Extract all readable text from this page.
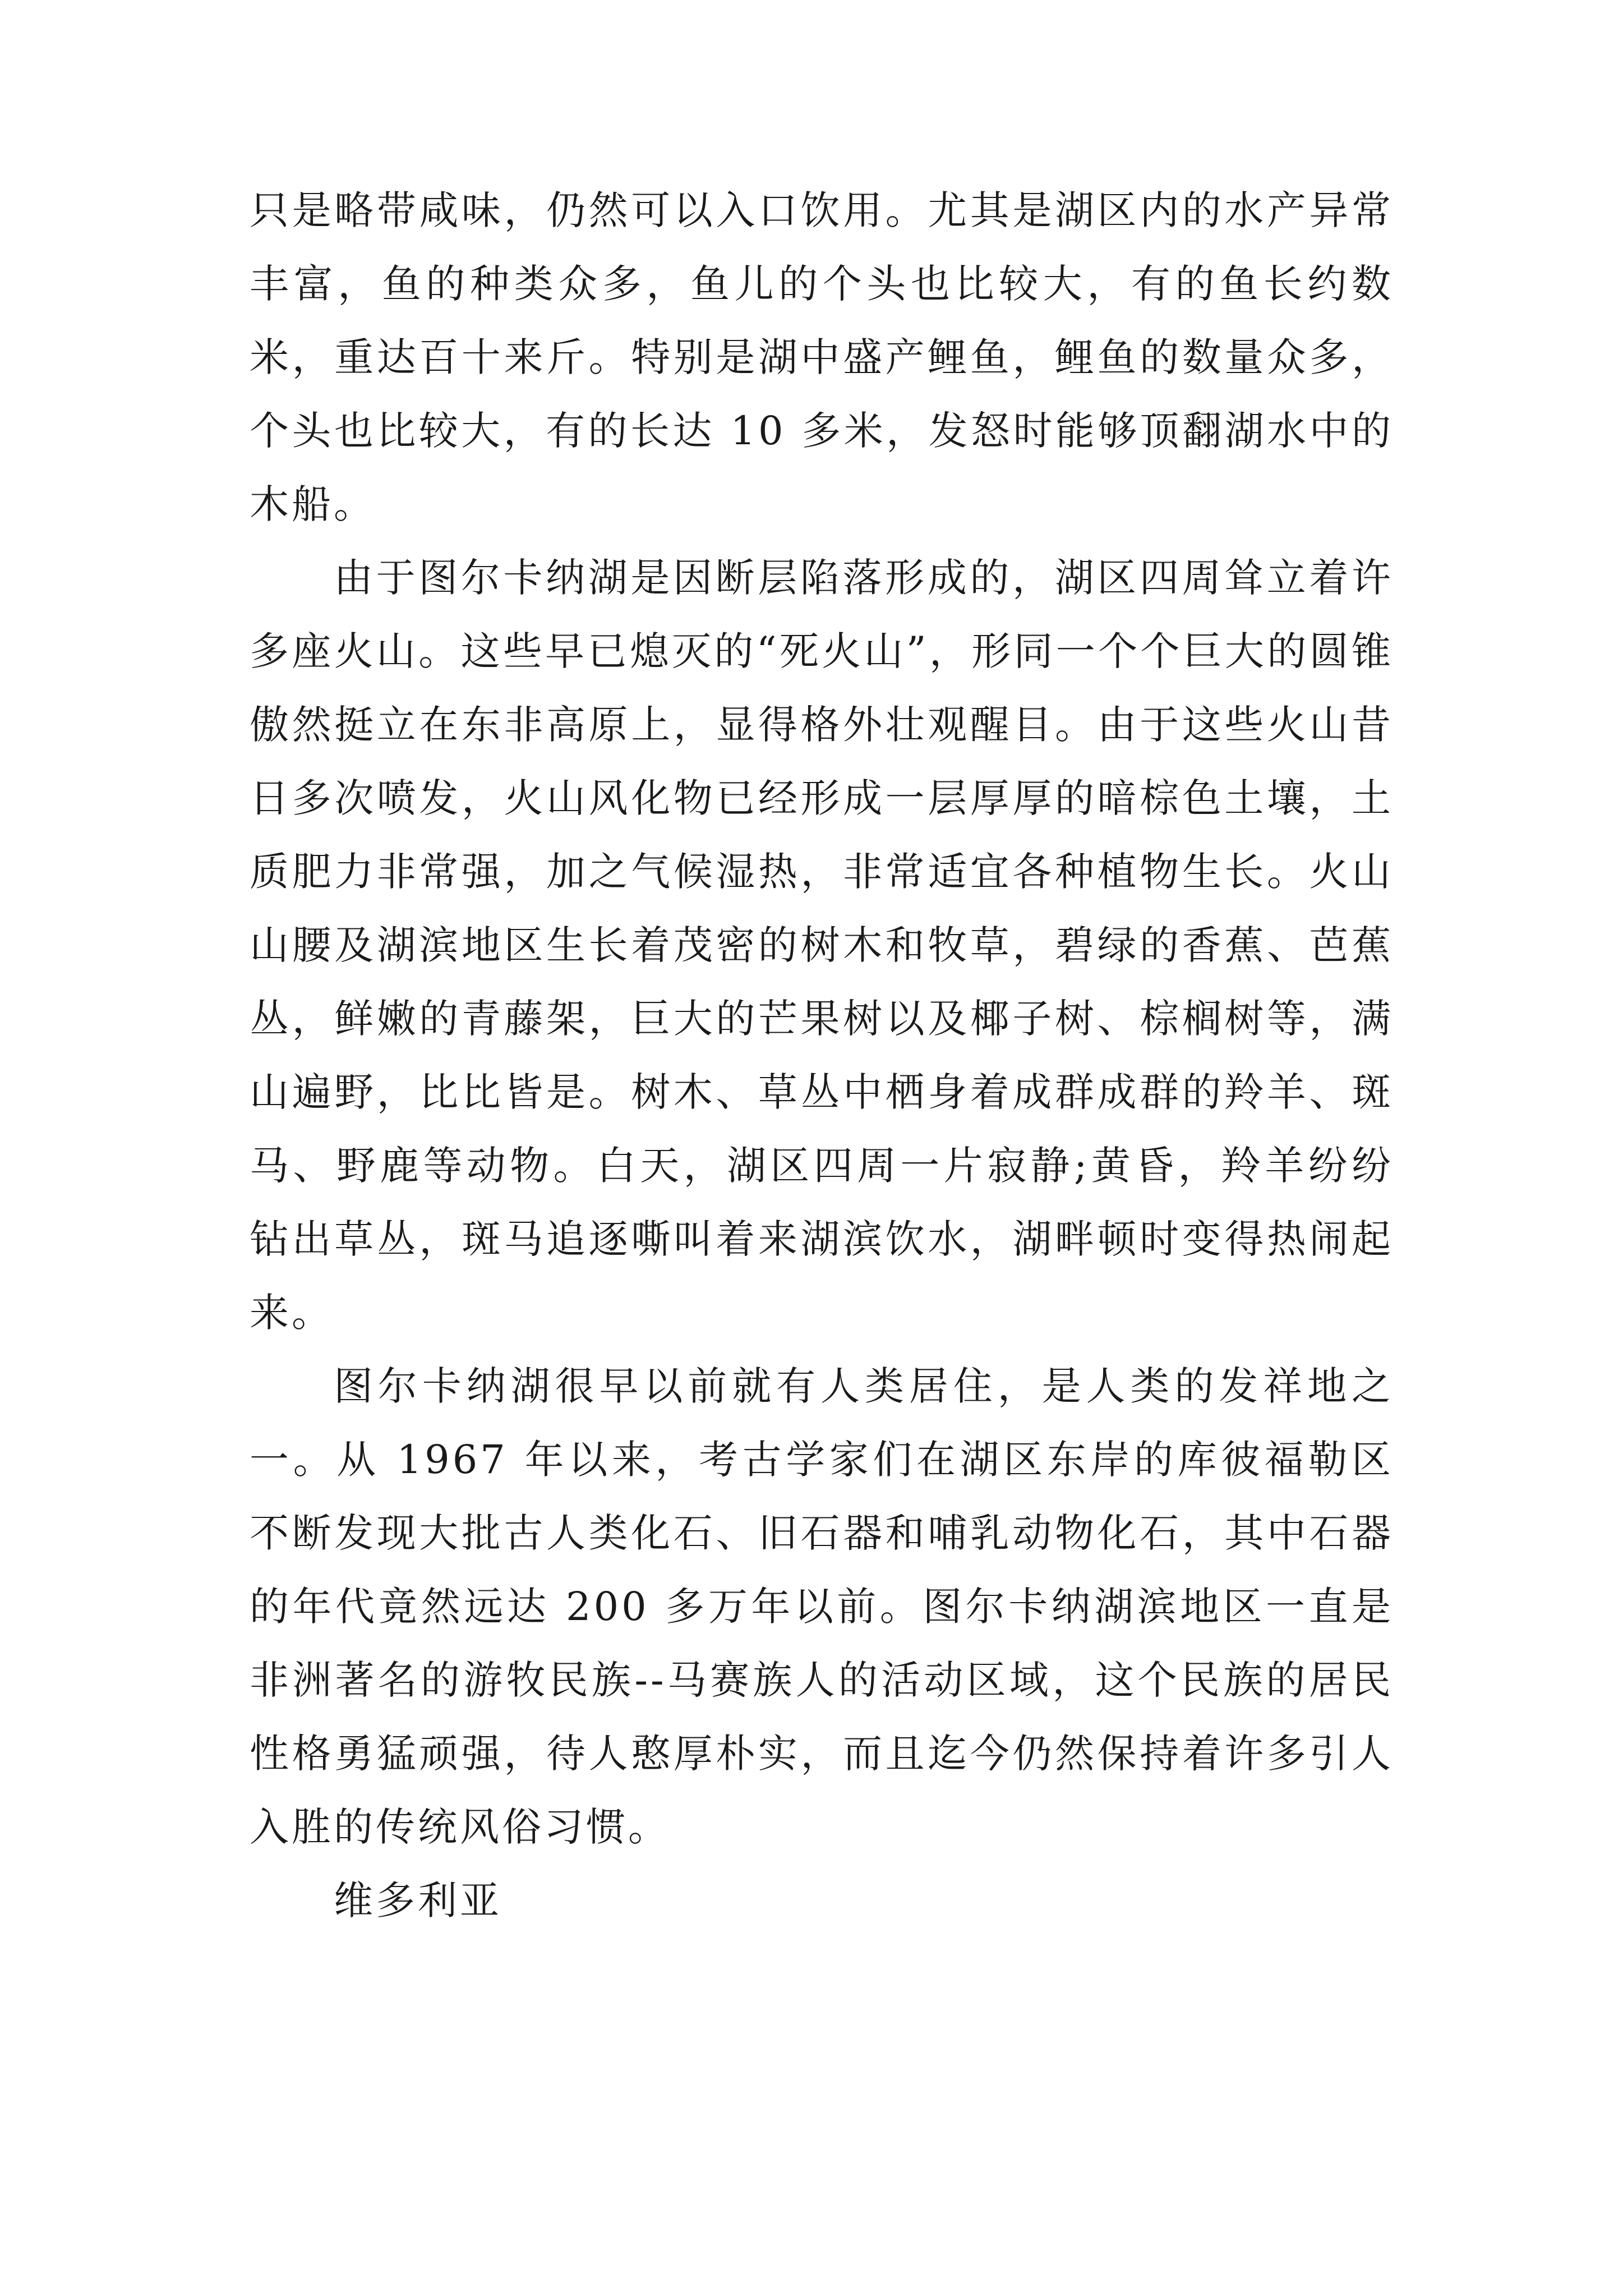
只是略带咸味，仍然可以入口饮用。尤其是湖区内的水产异常丰富，鱼的种类众多，鱼儿的个头也比较大，有的鱼长约数米，重达百十来斤。特别是湖中盛产鲤鱼，鲤鱼的数量众多，个头也比较大，有的长达 10 多米，发怒时能够顶翻湖水中的木船。

由于图尔卡纳湖是因断层陷落形成的，湖区四周耸立着许多座火山。这些早已熄灭的“死火山”，形同一个个巨大的圆锥傲然挺立在东非高原上，显得格外壮观醒目。由于这些火山昔日多次喷发，火山风化物已经形成一层厚厚的暗棕色土壤，土质肥力非常强，加之气候湿热，非常适宜各种植物生长。火山山腰及湖滨地区生长着茂密的树木和牧草，碧绿的香蕉、芭蕉丛，鲜嫩的青藤架，巨大的芒果树以及椰子树、棕榈树等，满山遍野，比比皆是。树木、草丛中栖身着成群成群的羚羊、斑马、野鹿等动物。白天，湖区四周一片寂静;黄昏，羚羊纷纷钻出草丛，斑马追逐嘶叫着来湖滨饮水，湖畔顿时变得热闹起来。

图尔卡纳湖很早以前就有人类居住，是人类的发祥地之一。从 1967 年以来，考古学家们在湖区东岸的库彼福勒区不断发现大批古人类化石、旧石器和哺乳动物化石，其中石器的年代竟然远达 200 多万年以前。图尔卡纳湖滨地区一直是非洲著名的游牧民族--马赛族人的活动区域，这个民族的居民性格勇猛顽强，待人憨厚朴实，而且迄今仍然保持着许多引人入胜的传统风俗习惯。

维多利亚
